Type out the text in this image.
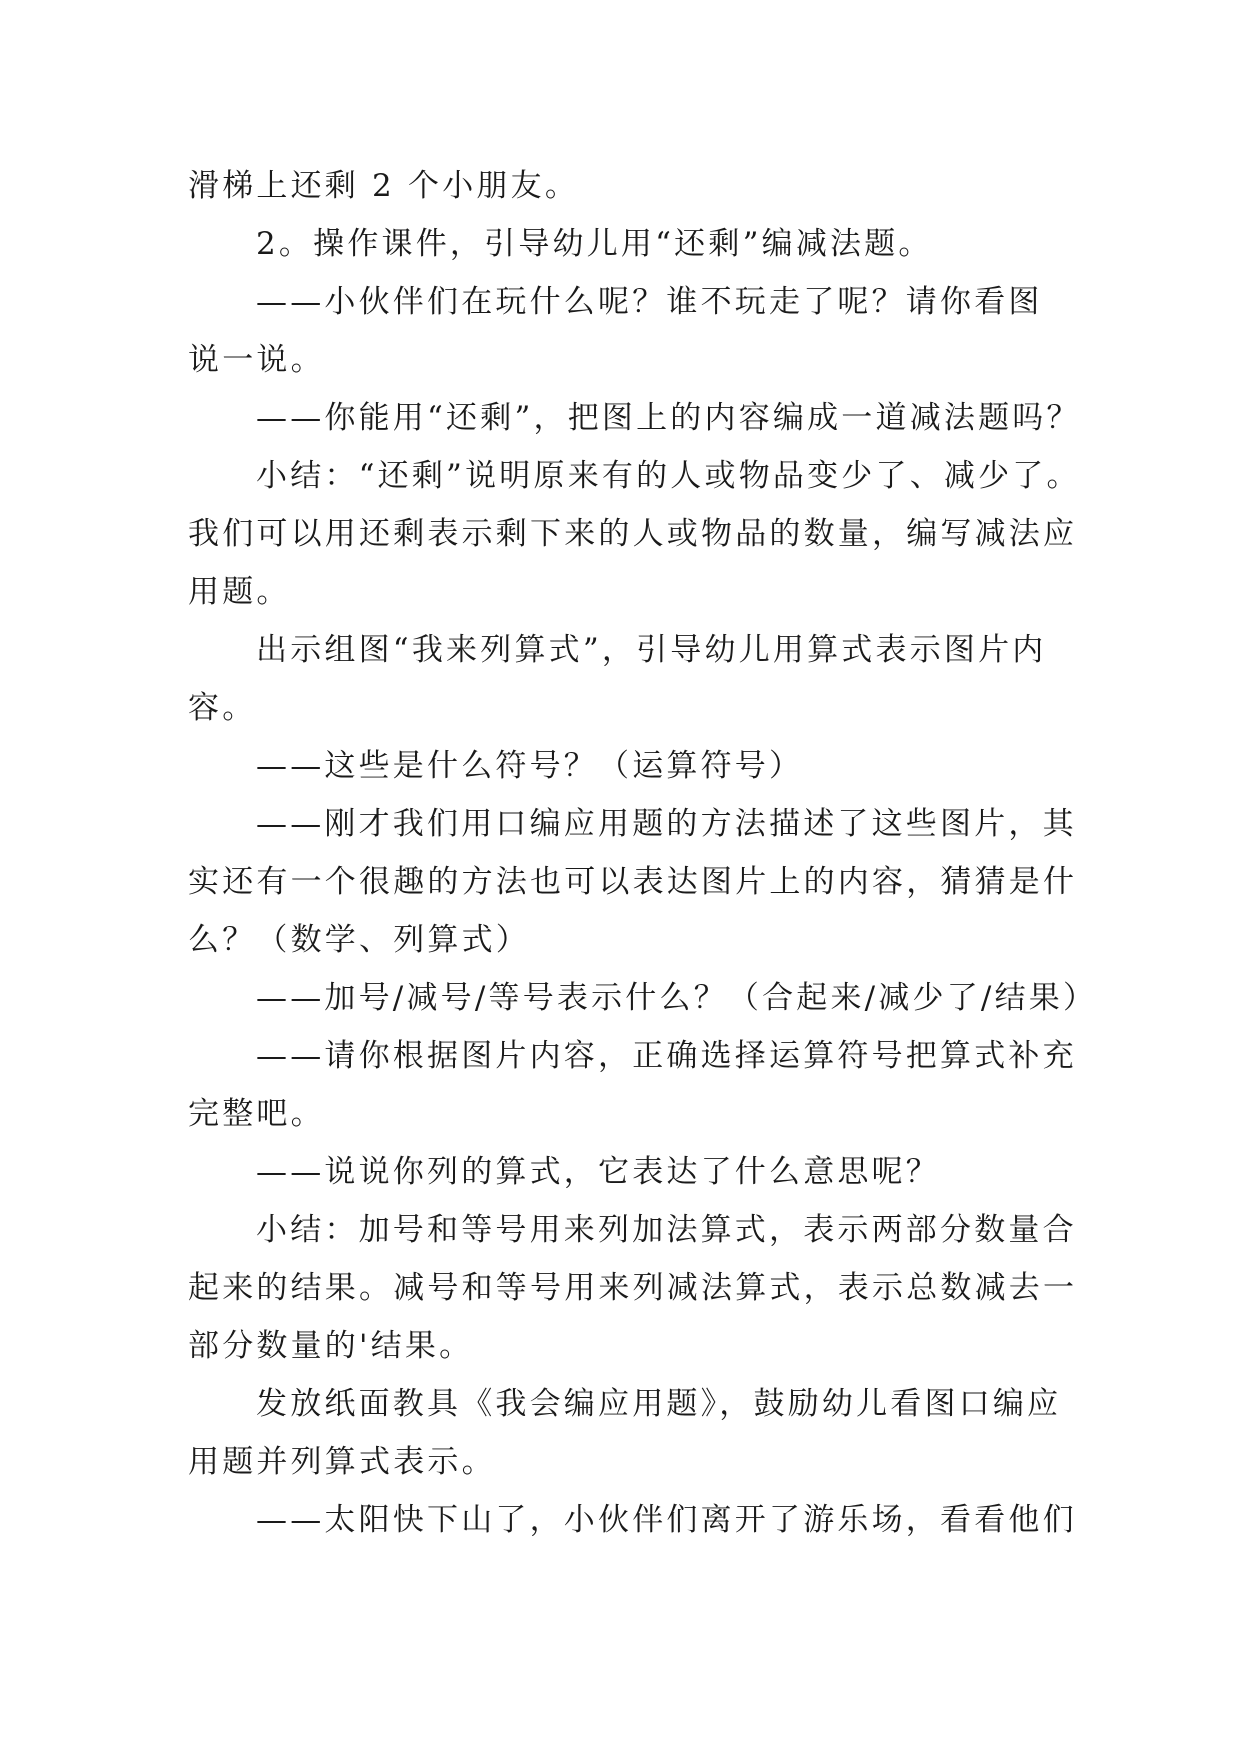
滑梯上还剩 2 个小朋友。
2。操作课件，引导幼儿用“还剩”编减法题。
——小伙伴们在玩什么呢？谁不玩走了呢？请你看图
说一说。
——你能用“还剩”，把图上的内容编成一道减法题吗？
小结：“还剩”说明原来有的人或物品变少了、减少了。
我们可以用还剩表示剩下来的人或物品的数量，编写减法应
用题。
出示组图“我来列算式”，引导幼儿用算式表示图片内
容。
——这些是什么符号？（运算符号）
——刚才我们用口编应用题的方法描述了这些图片，其
实还有一个很趣的方法也可以表达图片上的内容，猜猜是什
么？（数学、列算式）
——加号/减号/等号表示什么？（合起来/减少了/结果）
——请你根据图片内容，正确选择运算符号把算式补充
完整吧。
——说说你列的算式，它表达了什么意思呢？
小结：加号和等号用来列加法算式，表示两部分数量合
起来的结果。减号和等号用来列减法算式，表示总数减去一
部分数量的'结果。
发放纸面教具《我会编应用题》，鼓励幼儿看图口编应
用题并列算式表示。
——太阳快下山了，小伙伴们离开了游乐场，看看他们
